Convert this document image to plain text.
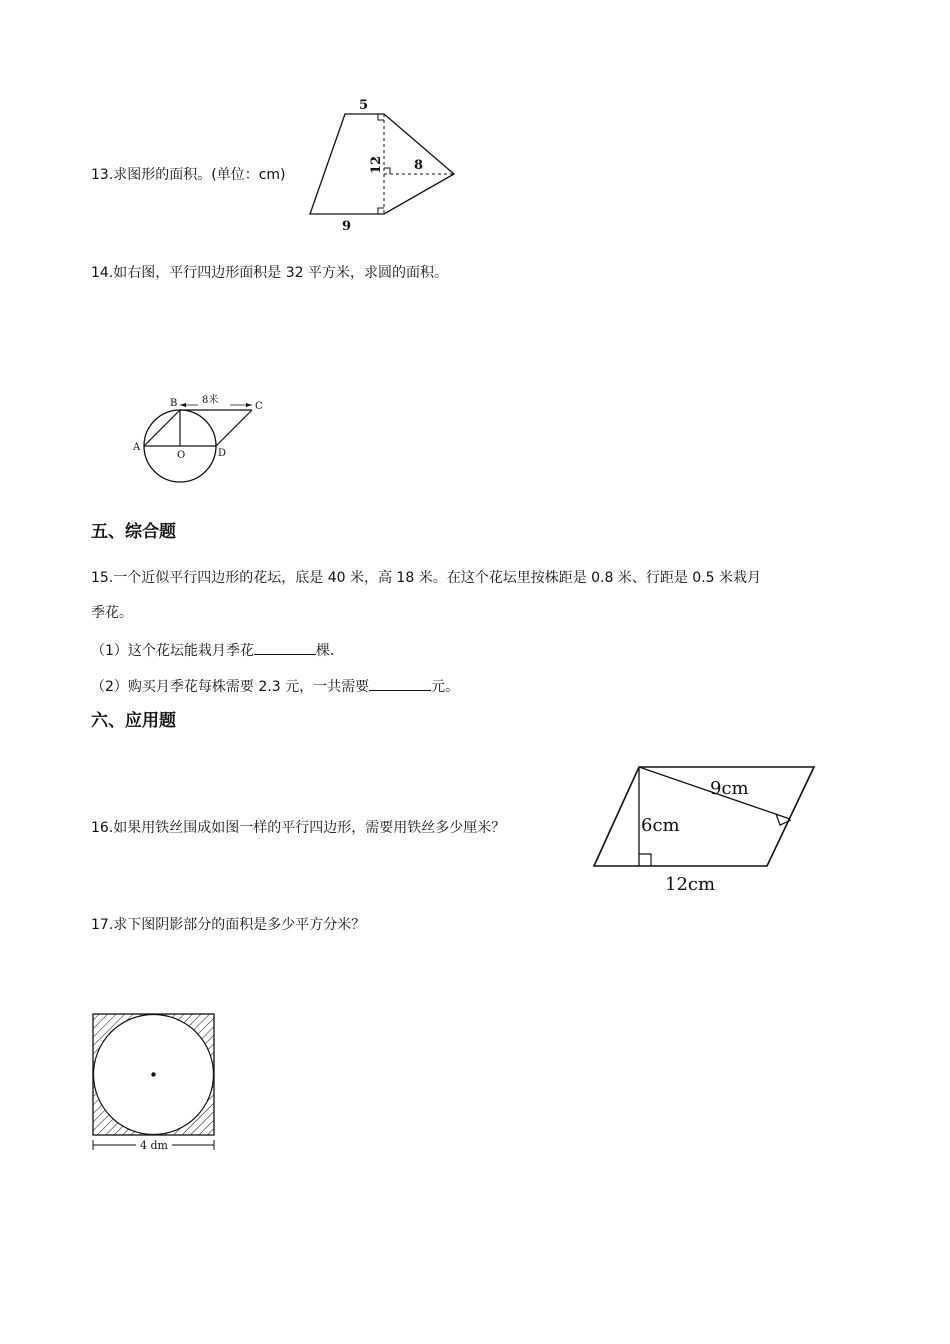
13.求图形的面积。(单位：cm)
5
12 8
9
14.如右图，平行四边形面积是 32 平方米，求圆的面积。
8米
B	C
A
O	D
五、综合题
15.一个近似平行四边形的花坛，底是 40 米，高 18 米。在这个花坛里按株距是 0.8 米、行距是 0.5 米栽月
季花。
（1）这个花坛能栽月季花	棵.
（2）购买月季花每株需要 2.3 元，一共需要	元。
六、应用题
16.如果用铁丝围成如图一样的平行四边形，需要用铁丝多少厘米？
9cm
6cm
12cm
17.求下图阴影部分的面积是多少平方分米？
4 dm
